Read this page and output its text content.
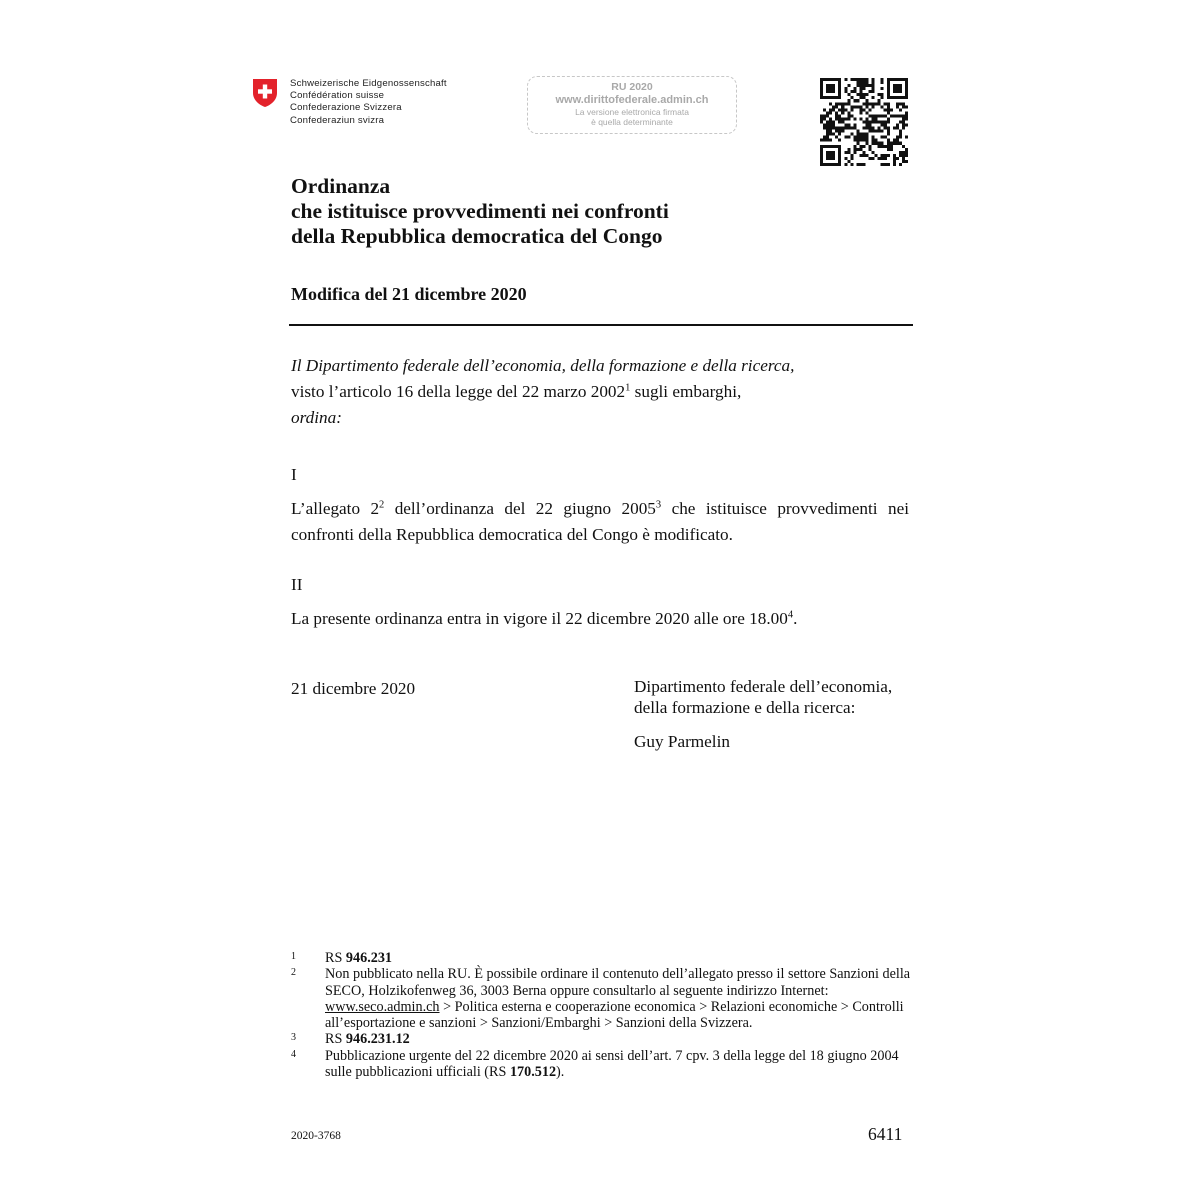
Schweizerische Eidgenossenschaft
Confédération suisse
Confederazione Svizzera
Confederaziun svizra
RU 2020
www.dirittofederale.admin.ch
La versione elettronica firmata
è quella determinante
Ordinanza
che istituisce provvedimenti nei confronti
della Repubblica democratica del Congo
Modifica del 21 dicembre 2020
Il Dipartimento federale dell’economia, della formazione e della ricerca,
visto l’articolo 16 della legge del 22 marzo 2002$^1$ sugli embarghi,
ordina:
I
L’allegato 2$^2$ dell’ordinanza del 22 giugno 2005$^3$ che istituisce provvedimenti nei confronti della Repubblica democratica del Congo è modificato.
II
La presente ordinanza entra in vigore il 22 dicembre 2020 alle ore 18.00$^4$.
21 dicembre 2020	Dipartimento federale dell’economia,
della formazione e della ricerca:
Guy Parmelin
1	RS 946.231
2	Non pubblicato nella RU. È possibile ordinare il contenuto dell’allegato presso il settore Sanzioni della SECO, Holzikofenweg 36, 3003 Berna oppure consultarlo al seguente indirizzo Internet: www.seco.admin.ch > Politica esterna e cooperazione economica > Relazioni economiche > Controlli all’esportazione e sanzioni > Sanzioni/Embarghi > Sanzioni della Svizzera.
3	RS 946.231.12
4	Pubblicazione urgente del 22 dicembre 2020 ai sensi dell’art. 7 cpv. 3 della legge del 18 giugno 2004 sulle pubblicazioni ufficiali (RS 170.512).
2020-3768	6411
